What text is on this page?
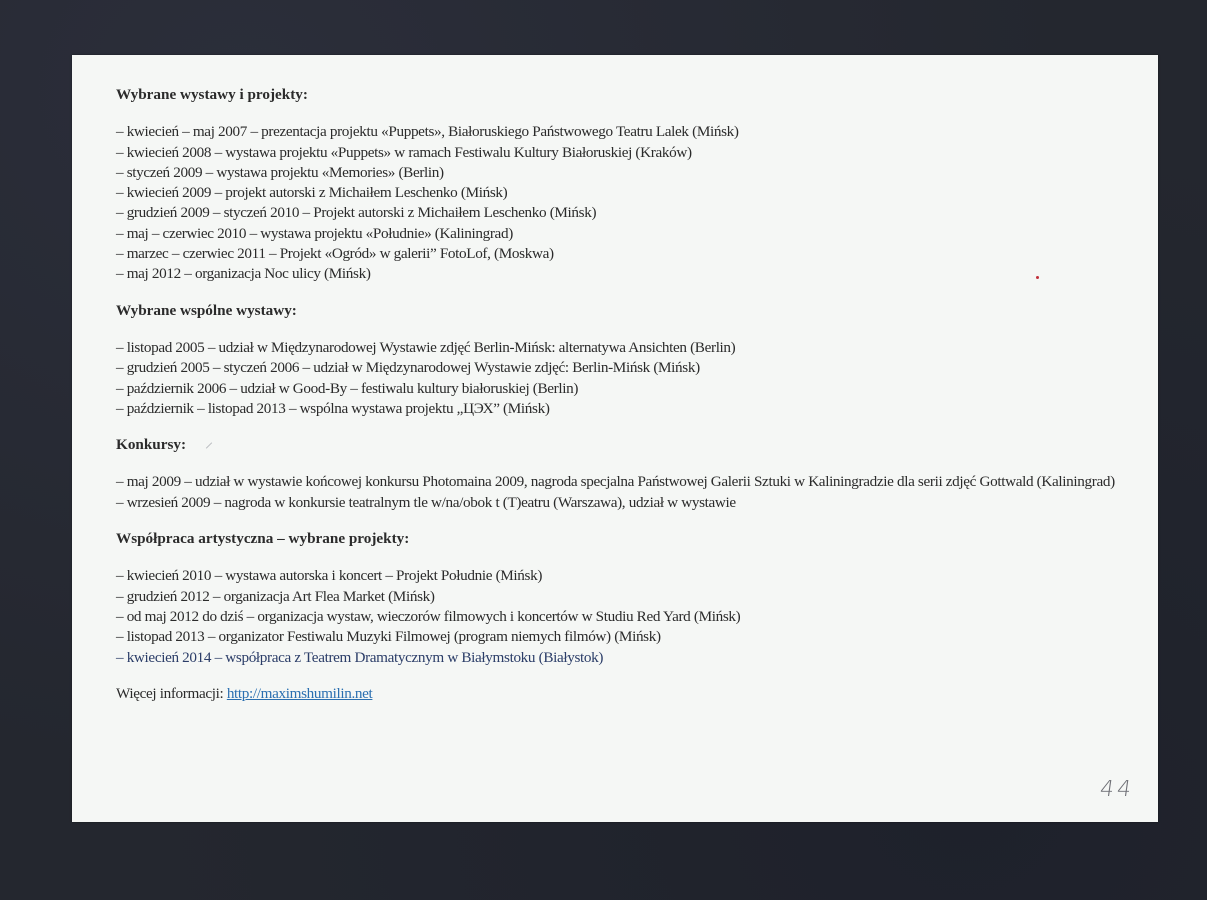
Wybrane wystawy i projekty:

– kwiecień – maj 2007 – prezentacja projektu «Puppets», Białoruskiego Państwowego Teatru Lalek (Mińsk)
– kwiecień 2008 – wystawa projektu «Puppets» w ramach Festiwalu Kultury Białoruskiej (Kraków)
– styczeń 2009 – wystawa projektu «Memories» (Berlin)
– kwiecień 2009 – projekt autorski z Michaiłem Leschenko (Mińsk)
– grudzień 2009 – styczeń 2010 – Projekt autorski z Michaiłem Leschenko (Mińsk)
– maj – czerwiec 2010 – wystawa projektu «Południe» (Kaliningrad)
– marzec – czerwiec 2011 – Projekt «Ogród» w galerii” FotoLof, (Moskwa)
– maj 2012 – organizacja Noc ulicy (Mińsk)

Wybrane wspólne wystawy:

– listopad 2005 – udział w Międzynarodowej Wystawie zdjęć Berlin-Mińsk: alternatywa Ansichten (Berlin)
– grudzień 2005 – styczeń 2006 – udział w Międzynarodowej Wystawie zdjęć: Berlin-Mińsk (Mińsk)
– październik 2006 – udział w Good-By – festiwalu kultury białoruskiej (Berlin)
– październik – listopad 2013 – wspólna wystawa projektu „ЦЭХ” (Mińsk)

Konkursy:

– maj 2009 – udział w wystawie końcowej konkursu Photomaina 2009, nagroda specjalna Państwowej Galerii Sztuki w Kaliningradzie dla serii zdjęć Gottwald (Kaliningrad)
– wrzesień 2009 – nagroda w konkursie teatralnym tle w/na/obok t (T)eatru (Warszawa), udział w wystawie

Współpraca artystyczna – wybrane projekty:

– kwiecień 2010 – wystawa autorska i koncert – Projekt Południe (Mińsk)
– grudzień 2012 – organizacja Art Flea Market (Mińsk)
– od maj 2012 do dziś – organizacja wystaw, wieczorów filmowych i koncertów w Studiu Red Yard (Mińsk)
– listopad 2013 – organizator Festiwalu Muzyki Filmowej (program niemych filmów) (Mińsk)
– kwiecień 2014 – współpraca z Teatrem Dramatycznym w Białymstoku (Białystok)

Więcej informacji: http://maximshumilin.net

44
